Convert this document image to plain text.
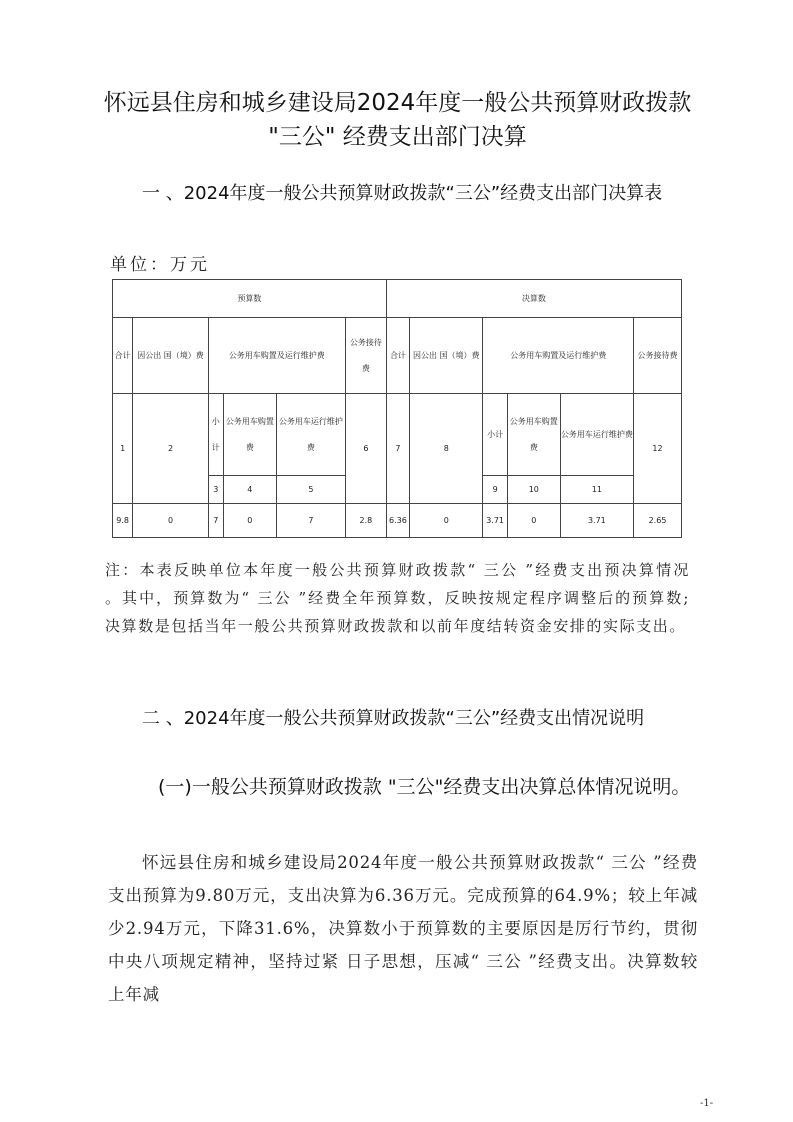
怀远县住房和城乡建设局2024年度一般公共预算财政拨款 "三公" 经费支出部门决算
一 、2024年度一般公共预算财政拨款“三公”经费支出部门决算表
单位：万元
预算数						决算数					
合计	因公出 国（境）费	公务用车购置及运行维护费			公务接待费	合计	因公出 国（境）费	公务用车购置及运行维护费			公务接待费

1	2	小计	公务用车购置费	公务用车运行维护费	6	7	8	小计	公务用车购置费	公务用车运行维护费	12
		3	4	5				9	10	11	
9.8	0	7	0	7	2.8	6.36	0	3.71	0	3.71	2.65
注：本表反映单位本年度一般公共预算财政拨款“ 三公 ”经费支出预决算情况 。其中，预算数为“ 三公 ”经费全年预算数，反映按规定程序调整后的预算数;决算数是包括当年一般公共预算财政拨款和以前年度结转资金安排的实际支出。
二 、2024年度一般公共预算财政拨款“三公”经费支出情况说明
(一)一般公共预算财政拨款 "三公"经费支出决算总体情况说明。
怀远县住房和城乡建设局2024年度一般公共预算财政拨款“ 三公 ”经费支出预算为9.80万元，支出决算为6.36万元。完成预算的64.9%；较上年减少2.94万元，下降31.6%，决算数小于预算数的主要原因是厉行节约，贯彻中央八项规定精神，坚持过紧 日子思想，压减“ 三公 ”经费支出。决算数较上年减
-1-
